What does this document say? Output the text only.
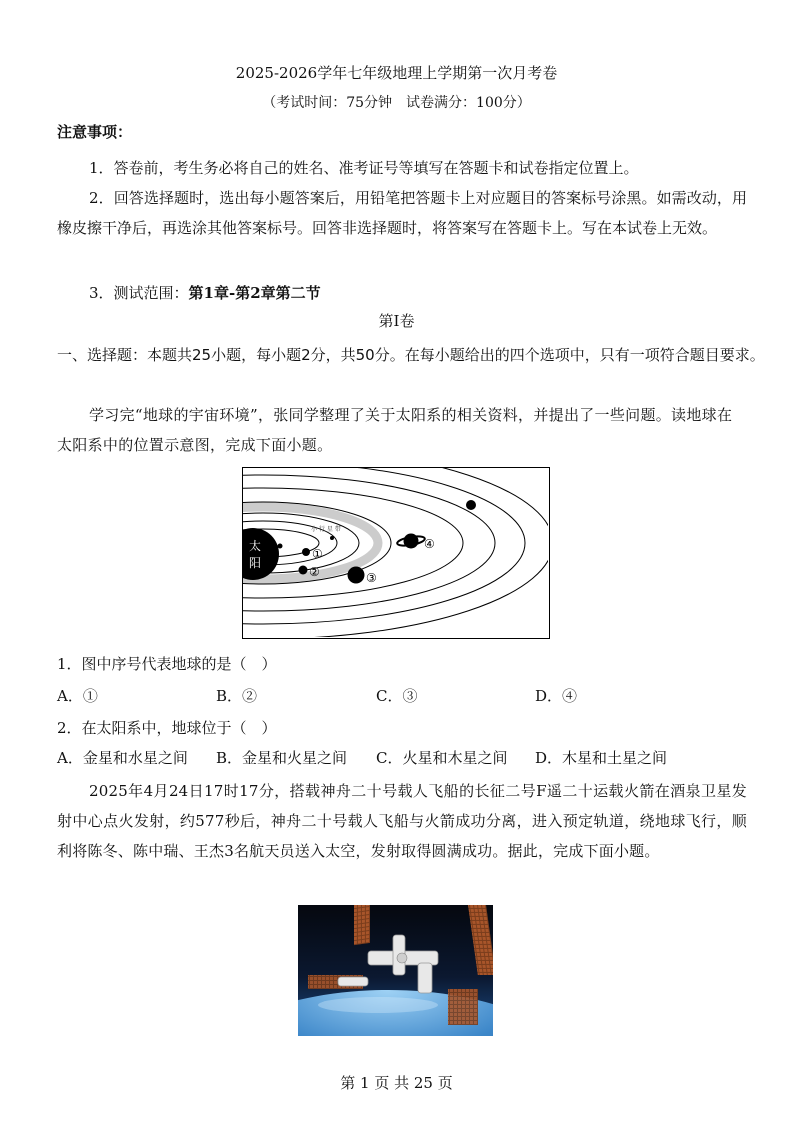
2025-2026学年七年级地理上学期第一次月考卷
（考试时间：75分钟　试卷满分：100分）
注意事项：
1．答卷前，考生务必将自己的姓名、准考证号等填写在答题卡和试卷指定位置上。
2．回答选择题时，选出每小题答案后，用铅笔把答题卡上对应题目的答案标号涂黑。如需改动，用橡皮擦干净后，再选涂其他答案标号。回答非选择题时，将答案写在答题卡上。写在本试卷上无效。
3．测试范围：第1章-第2章第二节
第Ⅰ卷
一、选择题：本题共25小题，每小题2分，共50分。在每小题给出的四个选项中，只有一项符合题目要求。
学习完“地球的宇宙环境”，张同学整理了关于太阳系的相关资料，并提出了一些问题。读地球在太阳系中的位置示意图，完成下面小题。
小 行 星 带
太
阳
①
②	③
④
1．图中序号代表地球的是（　）
A．①	B．②	C．③	D．④
2．在太阳系中，地球位于（　）
A．金星和水星之间 B．金星和火星之间 C．火星和木星之间 D．木星和土星之间
2025年4月24日17时17分，搭载神舟二十号载人飞船的长征二号F遥二十运载火箭在酒泉卫星发射中心点火发射，约577秒后，神舟二十号载人飞船与火箭成功分离，进入预定轨道，绕地球飞行，顺利将陈冬、陈中瑞、王杰3名航天员送入太空，发射取得圆满成功。据此，完成下面小题。
第 1 页 共 25 页
